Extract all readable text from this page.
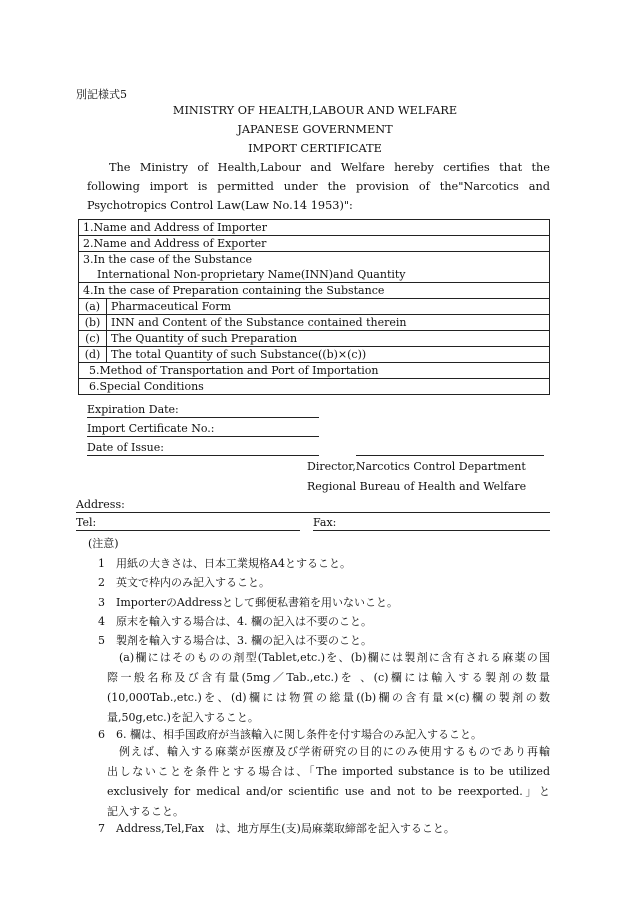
別記様式5
MINISTRY OF HEALTH,LABOUR AND WELFARE
JAPANESE GOVERNMENT
IMPORT CERTIFICATE
The Ministry of Health,Labour and Welfare hereby certifies that the
following import is permitted under the provision of the"Narcotics and
Psychotropics Control Law(Law No.14 1953)":
1.Name and Address of Importer	
2.Name and Address of Exporter	

3.In the case of the Substance
International Non-proprietary Name(INN)and Quantity	

4.In the case of Preparation containing the Substance	
(a)	Pharmaceutical Form
(b)	INN and Content of the Substance contained therein
(c)	The Quantity of such Preparation
(d)	The total Quantity of such Substance((b)×(c))
5.Method of Transportation and Port of Importation	
6.Special Conditions	
Expiration Date:
Import Certificate No.:
Date of Issue:
Director,Narcotics Control Department
Regional Bureau of Health and Welfare
Address:
Tel:	Fax:
(注意)
1　用紙の大きさは、日本工業規格A4とすること。
2　英文で枠内のみ記入すること。
3　ImporterのAddressとして郵便私書箱を用いないこと。
4　原末を輸入する場合は、4. 欄の記入は不要のこと。
5　製剤を輸入する場合は、3. 欄の記入は不要のこと。
(a)欄にはそのものの剤型(Tablet,etc.)を、(b)欄には製剤に含有される麻薬の国
際一般名称及び含有量(5mg／Tab.,etc.)を 、(c)欄には輸入する製剤の数量
(10,000Tab.,etc.)を、(d)欄には物質の総量((b)欄の含有量×(c)欄の製剤の数
量,50g,etc.)を記入すること。
6　6. 欄は、相手国政府が当該輸入に関し条件を付す場合のみ記入すること。
例えば、輸入する麻薬が医療及び学術研究の目的にのみ使用するものであり再輸
出しないことを条件とする場合は、「The imported substance is to be utilized
exclusively for medical and/or scientific use and not to be reexported.」と
記入すること。
7　Address,Tel,Fax　は、地方厚生(支)局麻薬取締部を記入すること。
